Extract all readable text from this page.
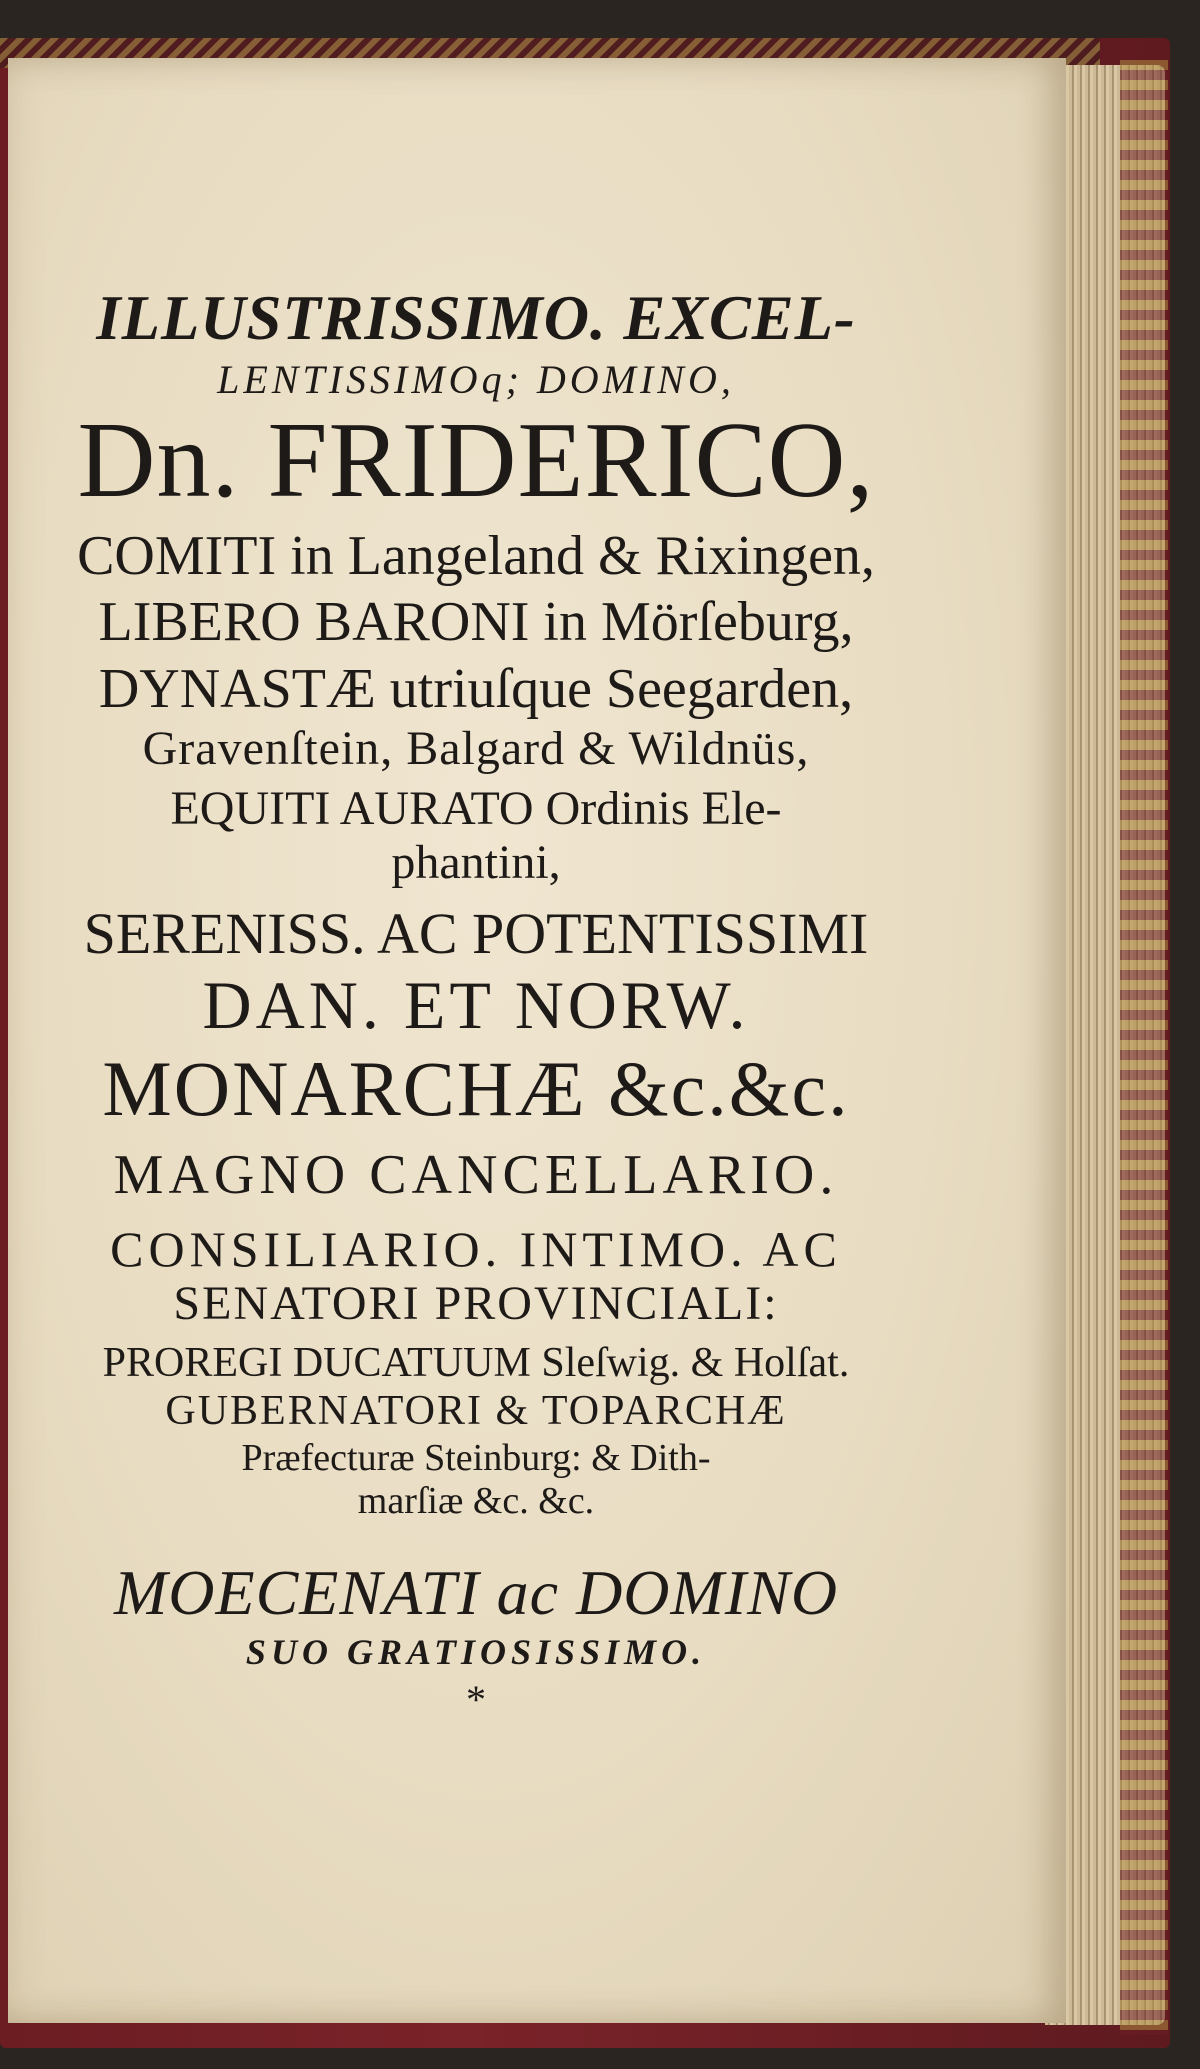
ILLUSTRISSIMO. EXCEL-

LENTISSIMOq; DOMINO,

Dn. FRIDERICO,

COMITI in Langeland & Rixingen,

LIBERO BARONI in Mörſeburg,

DYNASTÆ utriuſque Seegarden,

Gravenſtein, Balgard & Wildnüs,

EQUITI AURATO Ordinis Ele-

phantini,

SERENISS. AC POTENTISSIMI

DAN. ET NORW.

MONARCHÆ &c.&c.

MAGNO CANCELLARIO.

CONSILIARIO. INTIMO. AC

SENATORI PROVINCIALI:

PROREGI DUCATUUM Sleſwig. & Holſat.

GUBERNATORI & TOPARCHÆ

Præfecturæ Steinburg: & Dith-

marſiæ &c. &c.

MOECENATI ac DOMINO

SUO GRATIOSISSIMO.

*
